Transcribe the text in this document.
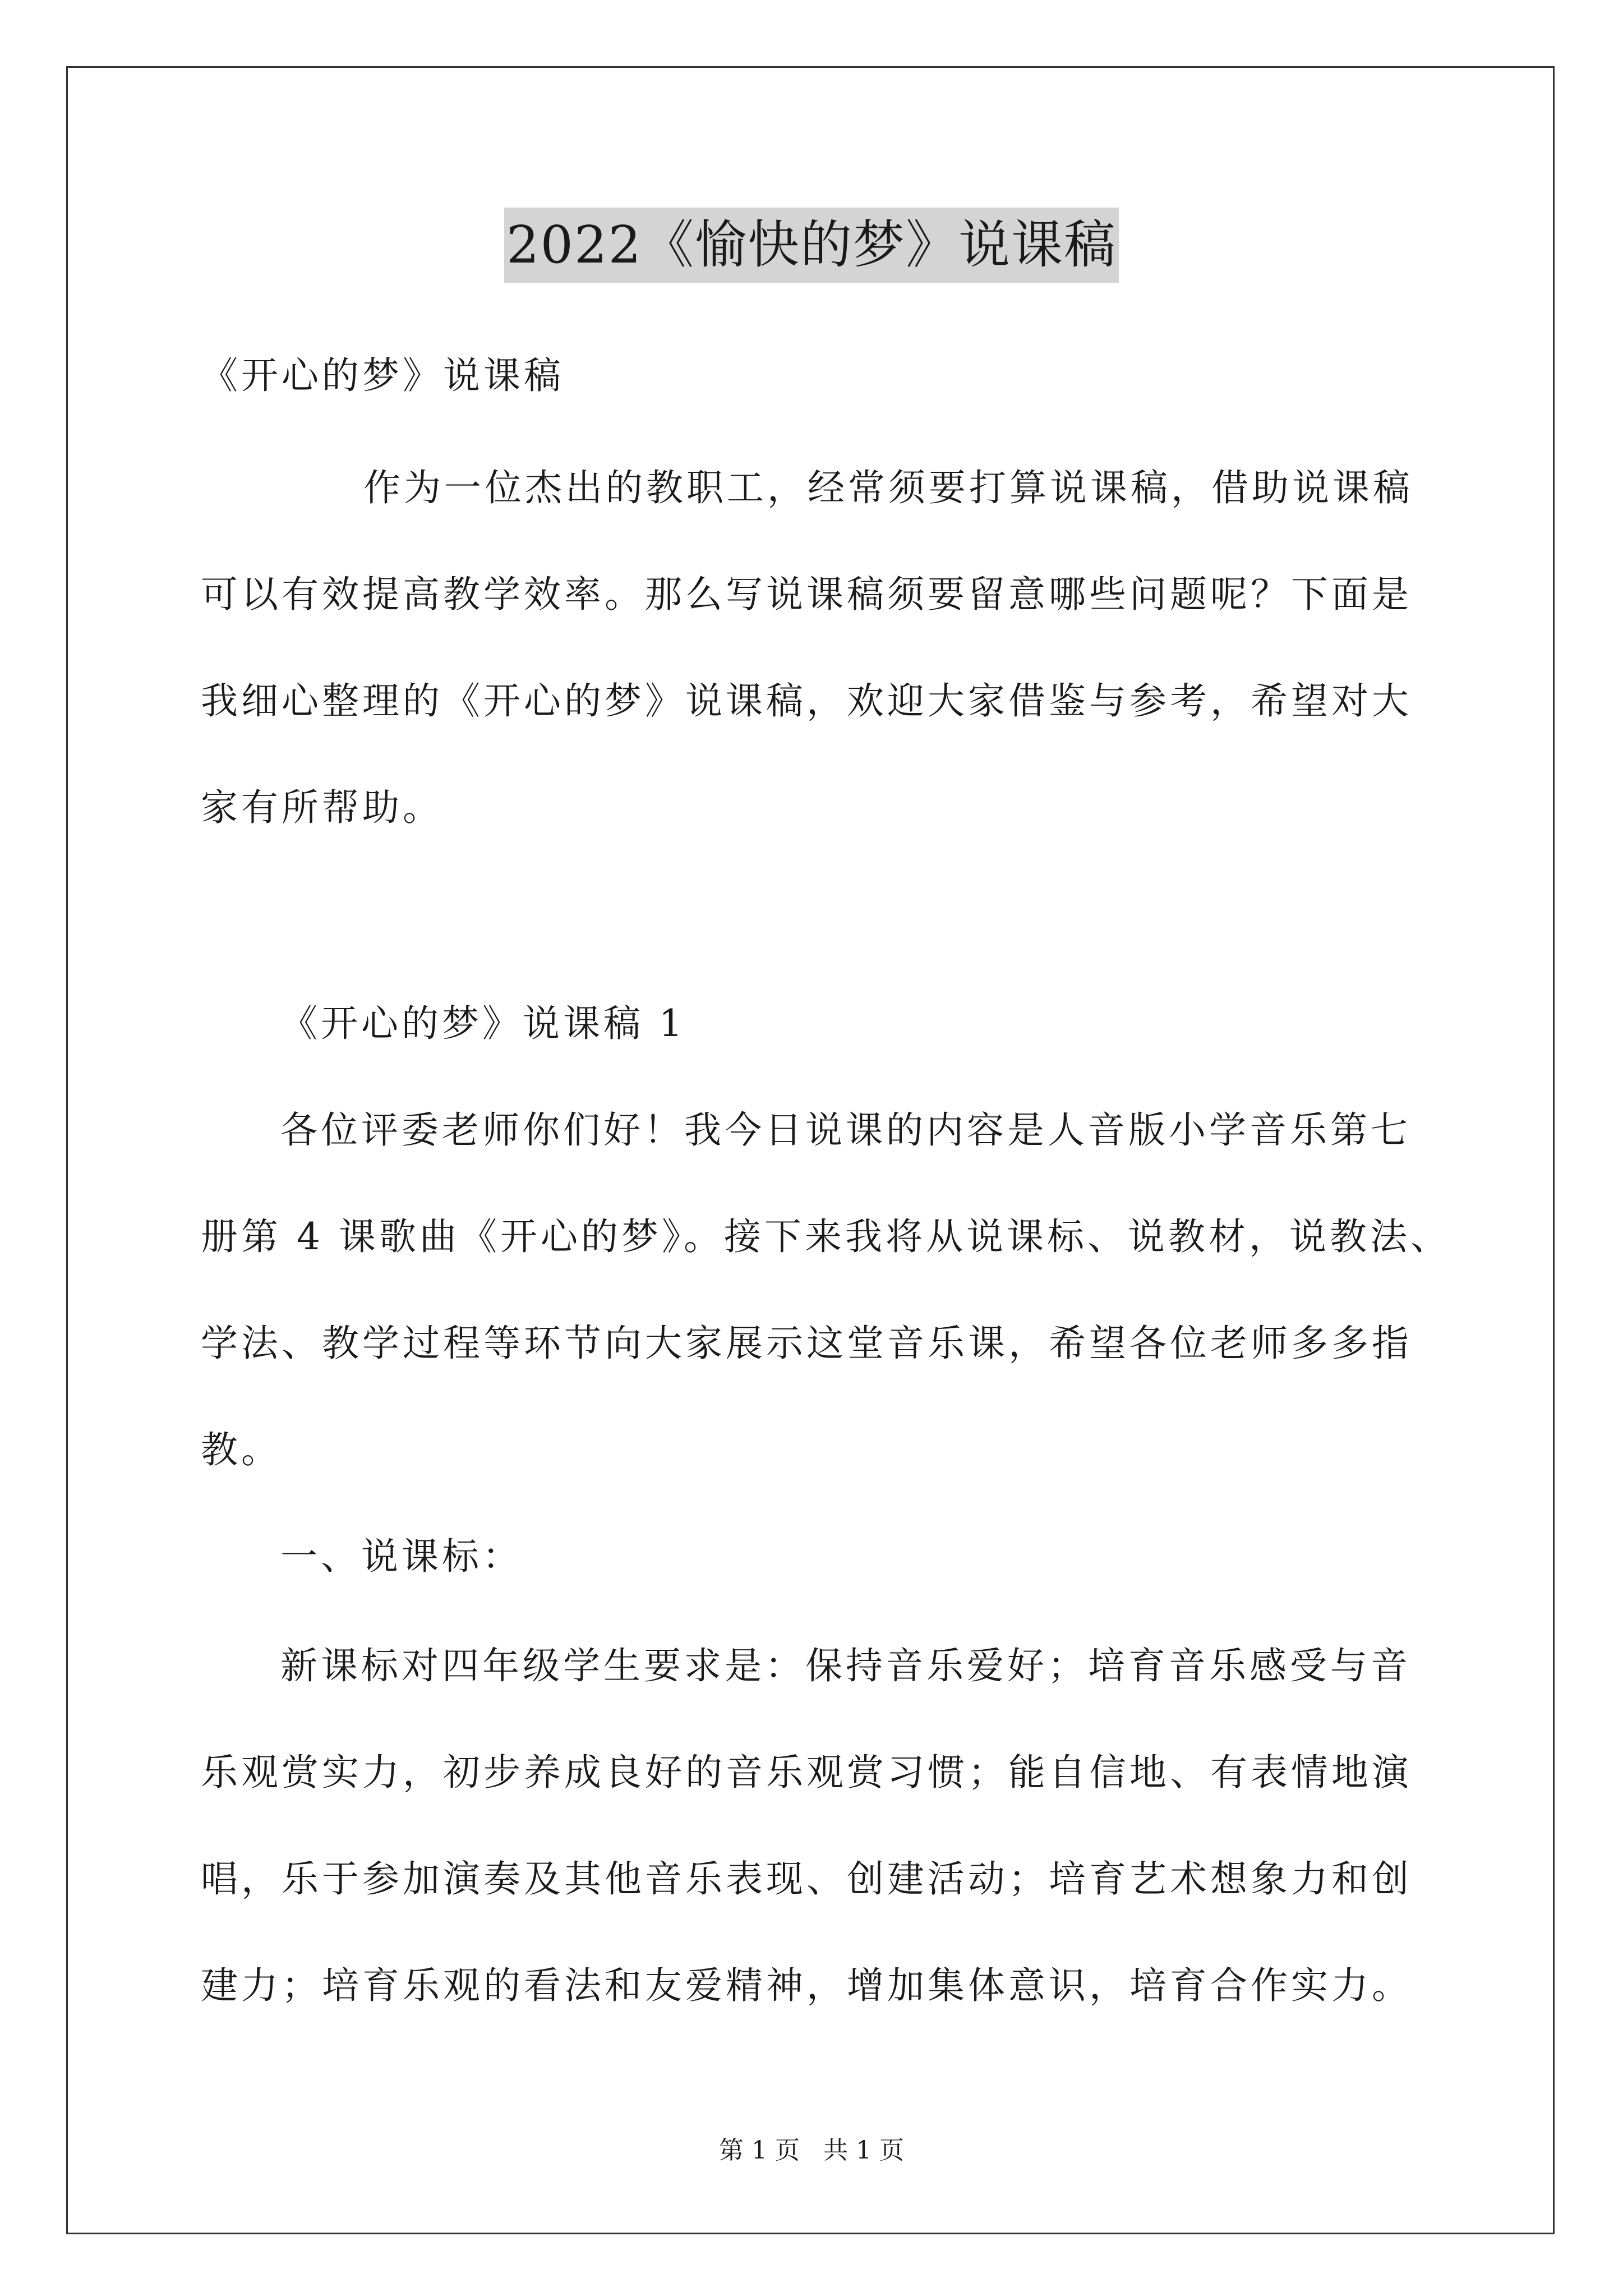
2022《愉快的梦》说课稿
《开心的梦》说课稿
作为一位杰出的教职工，经常须要打算说课稿，借助说课稿
可以有效提高教学效率。那么写说课稿须要留意哪些问题呢？下面是
我细心整理的《开心的梦》说课稿，欢迎大家借鉴与参考，希望对大
家有所帮助。
《开心的梦》说课稿 1
各位评委老师你们好！我今日说课的内容是人音版小学音乐第七
册第 4 课歌曲《开心的梦》。接下来我将从说课标、说教材，说教法、
学法、教学过程等环节向大家展示这堂音乐课，希望各位老师多多指
教。
一、说课标：
新课标对四年级学生要求是：保持音乐爱好；培育音乐感受与音
乐观赏实力，初步养成良好的音乐观赏习惯；能自信地、有表情地演
唱，乐于参加演奏及其他音乐表现、创建活动；培育艺术想象力和创
建力；培育乐观的看法和友爱精神，增加集体意识，培育合作实力。
第 1 页   共 1 页
